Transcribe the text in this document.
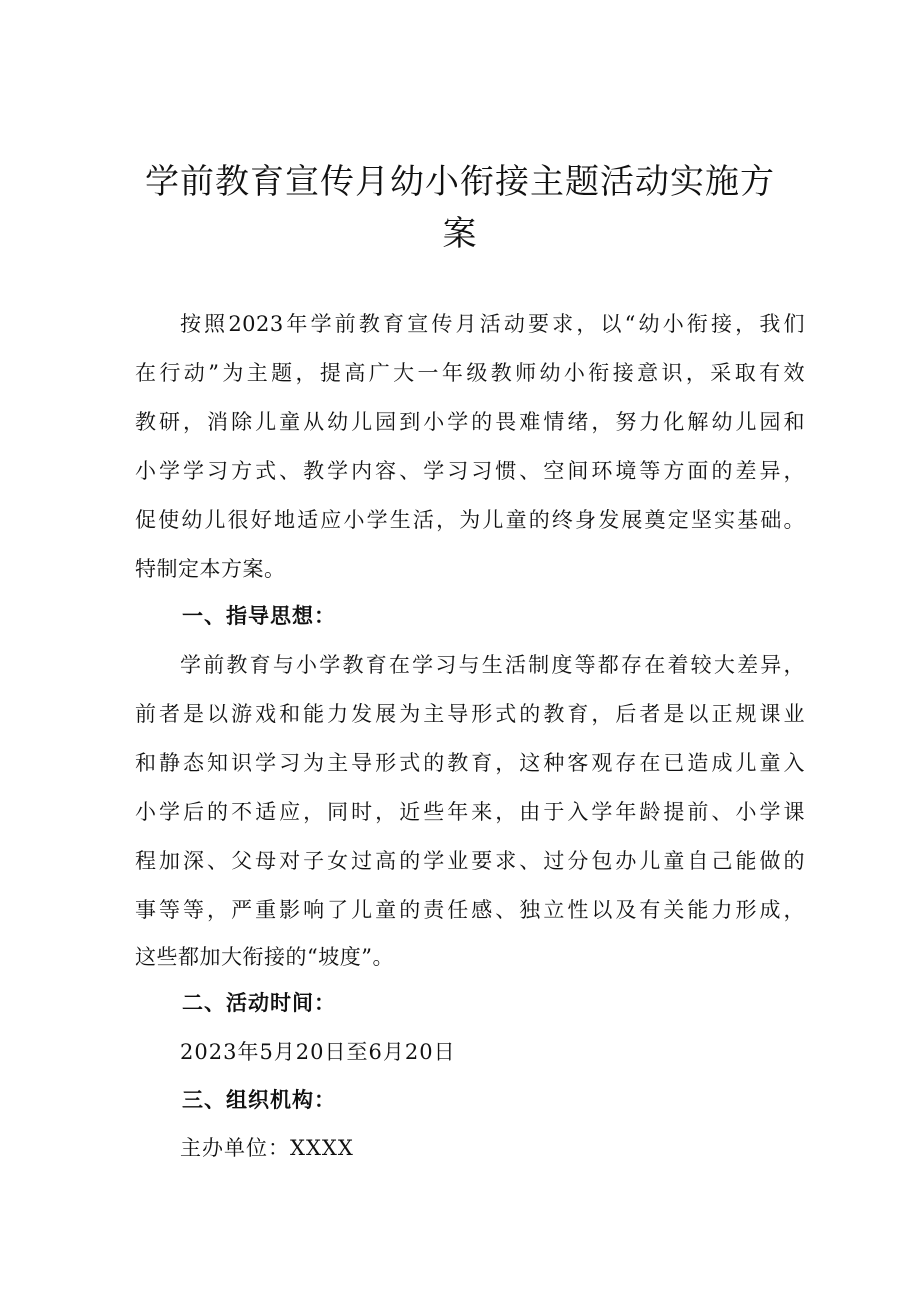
学前教育宣传月幼小衔接主题活动实施方
案
按照2023年学前教育宣传月活动要求，以“幼小衔接，我们
在行动”为主题，提高广大一年级教师幼小衔接意识，采取有效
教研，消除儿童从幼儿园到小学的畏难情绪，努力化解幼儿园和
小学学习方式、教学内容、学习习惯、空间环境等方面的差异，
促使幼儿很好地适应小学生活，为儿童的终身发展奠定坚实基础。
特制定本方案。
一、指导思想：
学前教育与小学教育在学习与生活制度等都存在着较大差异，
前者是以游戏和能力发展为主导形式的教育，后者是以正规课业
和静态知识学习为主导形式的教育，这种客观存在已造成儿童入
小学后的不适应，同时，近些年来，由于入学年龄提前、小学课
程加深、父母对子女过高的学业要求、过分包办儿童自己能做的
事等等，严重影响了儿童的责任感、独立性以及有关能力形成，
这些都加大衔接的“坡度”。
二、活动时间：
2023年5月20日至6月20日
三、组织机构：
主办单位：XXXX
